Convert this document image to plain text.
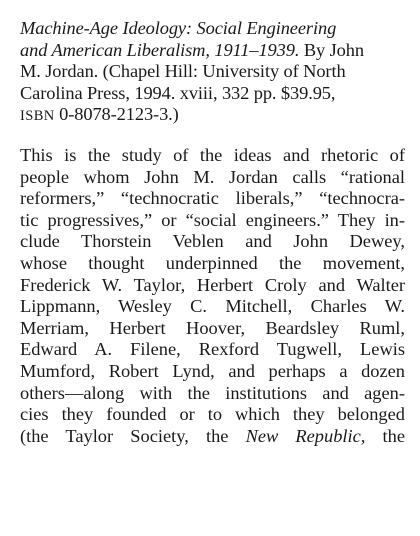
Machine-Age Ideology: Social Engineering
and American Liberalism, 1911–1939. By John
M. Jordan. (Chapel Hill: University of North
Carolina Press, 1994. xviii, 332 pp. $39.95,
ISBN 0-8078-2123-3.)
This is the study of the ideas and rhetoric of
people whom John M. Jordan calls “rational
reformers,” “technocratic liberals,” “technocra-
tic progressives,” or “social engineers.” They in-
clude Thorstein Veblen and John Dewey,
whose thought underpinned the movement,
Frederick W. Taylor, Herbert Croly and Walter
Lippmann, Wesley C. Mitchell, Charles W.
Merriam, Herbert Hoover, Beardsley Ruml,
Edward A. Filene, Rexford Tugwell, Lewis
Mumford, Robert Lynd, and perhaps a dozen
others—along with the institutions and agen-
cies they founded or to which they belonged
(the Taylor Society, the New Republic, the
